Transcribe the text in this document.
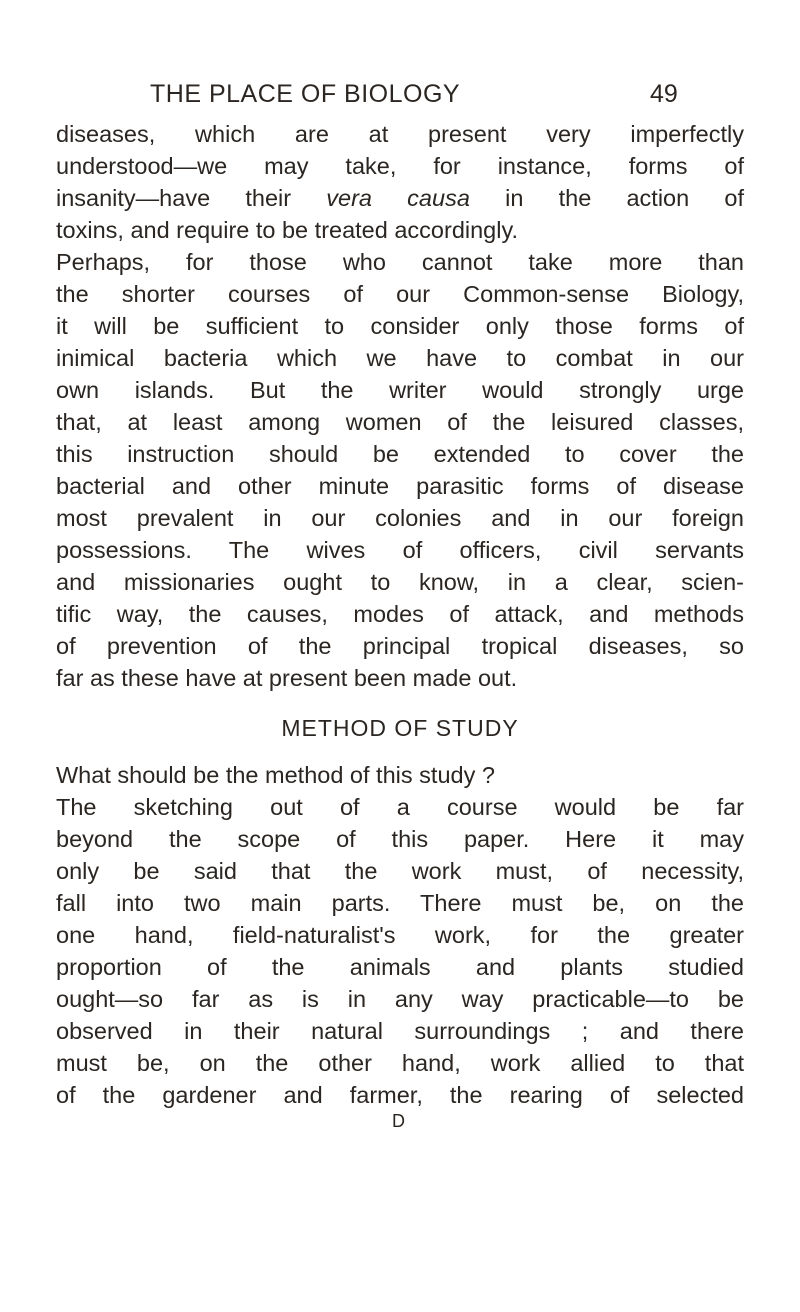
THE PLACE OF BIOLOGY	49
diseases, which are at present very imperfectly
understood—we may take, for instance, forms of
insanity—have their vera causa in the action of
toxins, and require to be treated accordingly.
Perhaps, for those who cannot take more than
the shorter courses of our Common-sense Biology,
it will be sufficient to consider only those forms of
inimical bacteria which we have to combat in our
own islands. But the writer would strongly urge
that, at least among women of the leisured classes,
this instruction should be extended to cover the
bacterial and other minute parasitic forms of disease
most prevalent in our colonies and in our foreign
possessions. The wives of officers, civil servants
and missionaries ought to know, in a clear, scien-
tific way, the causes, modes of attack, and methods
of prevention of the principal tropical diseases, so
far as these have at present been made out.
METHOD OF STUDY
What should be the method of this study ?
The sketching out of a course would be far
beyond the scope of this paper. Here it may
only be said that the work must, of necessity,
fall into two main parts. There must be, on the
one hand, field-naturalist's work, for the greater
proportion of the animals and plants studied
ought—so far as is in any way practicable—to be
observed in their natural surroundings ; and there
must be, on the other hand, work allied to that
of the gardener and farmer, the rearing of selected
D
